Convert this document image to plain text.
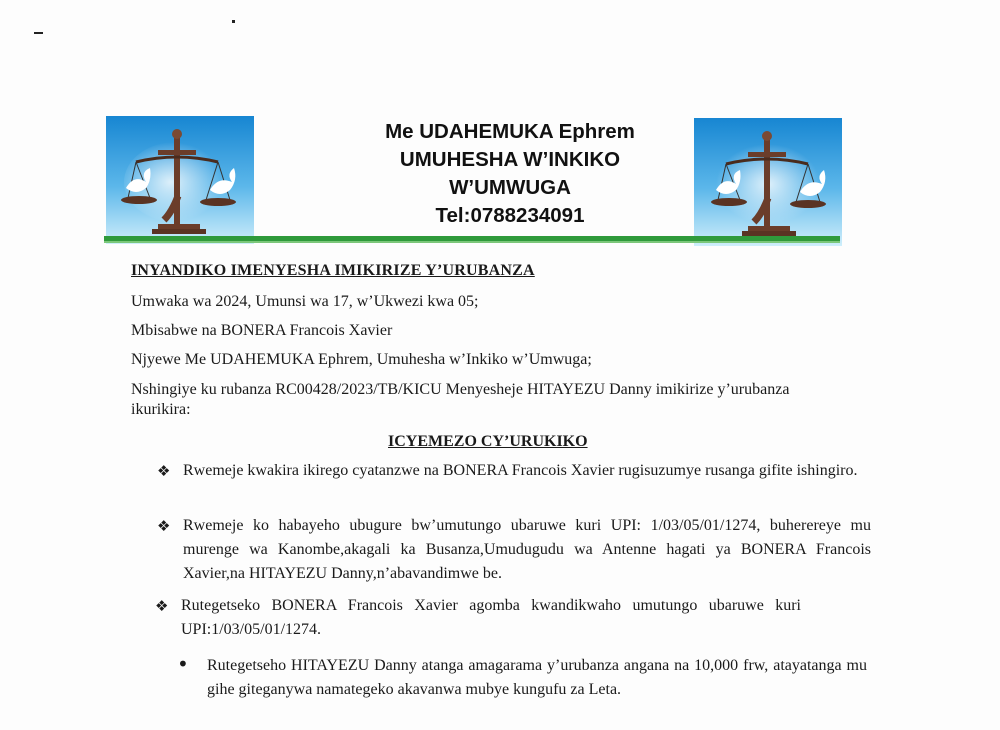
Me UDAHEMUKA Ephrem
UMUHESHA W’INKIKO
W’UMWUGA
Tel:0788234091
INYANDIKO IMENYESHA IMIKIRIZE Y’URUBANZA
Umwaka wa 2024, Umunsi wa 17, w’Ukwezi kwa 05;
Mbisabwe na BONERA Francois Xavier
Njyewe Me UDAHEMUKA Ephrem, Umuhesha w’Inkiko w’Umwuga;
Nshingiye ku rubanza RC00428/2023/TB/KICU Menyesheje HITAYEZU Danny imikirize y’urubanza
ikurikira:
ICYEMEZO CY’URUKIKO
❖ Rwemeje kwakira ikirego cyatanzwe na BONERA Francois Xavier rugisuzumye rusanga gifite ishingiro.
❖ Rwemeje ko habayeho ubugure bw’umutungo ubaruwe kuri UPI: 1/03/05/01/1274, buherereye mu murenge wa Kanombe,akagali ka Busanza,Umudugudu wa Antenne hagati ya BONERA Francois Xavier,na HITAYEZU Danny,n’abavandimwe be.
❖ Rutegetseko BONERA Francois Xavier agomba kwandikwaho umutungo ubaruwe kuri UPI:1/03/05/01/1274.
• Rutegetseho HITAYEZU Danny atanga amagarama y’urubanza angana na 10,000 frw, atayatanga mu gihe giteganywa namategeko akavanwa mubye kungufu za Leta.
